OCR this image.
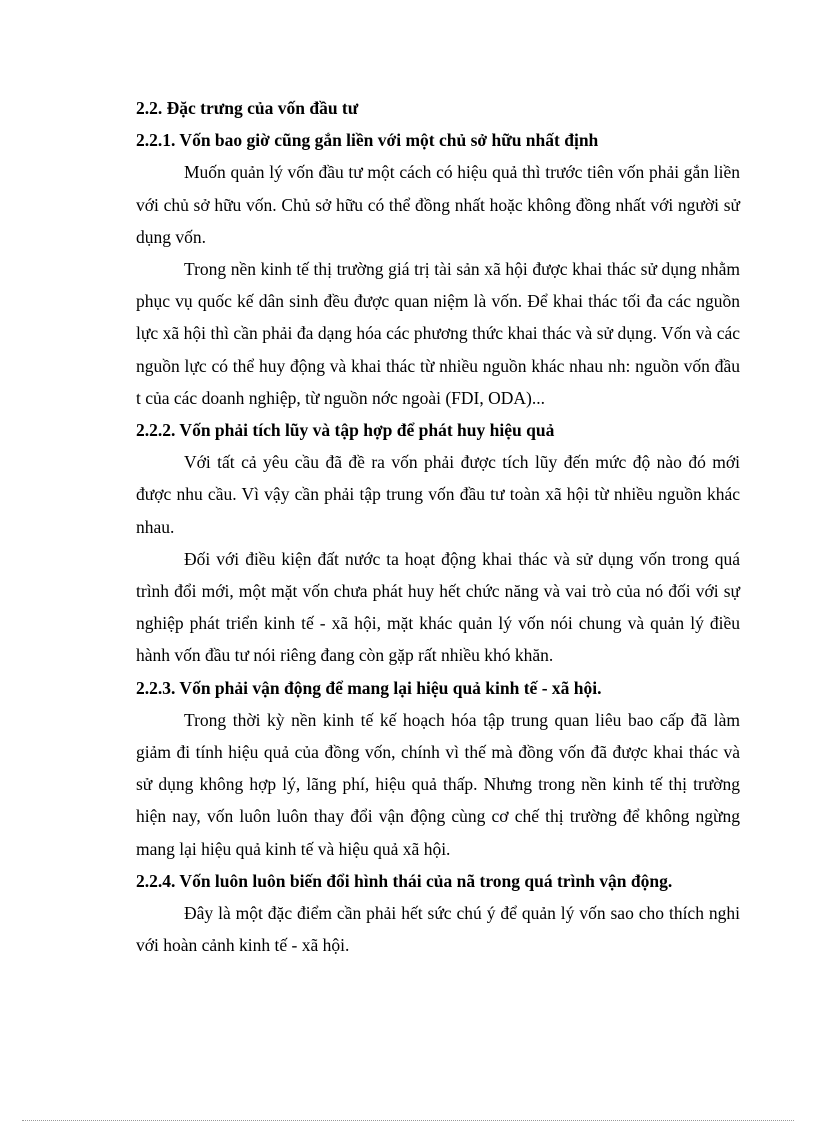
2.2. Đặc trưng của vốn đầu tư

2.2.1. Vốn bao giờ cũng gắn liền với một chủ sở hữu nhất định

Muốn quản lý vốn đầu tư một cách có hiệu quả thì trước tiên vốn phải gắn liền với chủ sở hữu vốn. Chủ sở hữu có thể đồng nhất hoặc không đồng nhất với người sử dụng vốn.

Trong nền kinh tế thị trường giá trị tài sản xã hội được khai thác sử dụng nhằm phục vụ quốc kế dân sinh đều được quan niệm là vốn. Để khai thác tối đa các nguồn lực xã hội thì cần phải đa dạng hóa các phương thức khai thác và sử dụng. Vốn và các nguồn lực có thể huy động và khai thác từ nhiều nguồn khác nhau nh: nguồn vốn đầu t của các doanh nghiệp, từ nguồn nớc ngoài (FDI, ODA)...

2.2.2. Vốn phải tích lũy và tập hợp để phát huy hiệu quả

Với tất cả yêu cầu đã đề ra vốn phải được tích lũy đến mức độ nào đó mới được nhu cầu. Vì vậy cần phải tập trung vốn đầu tư toàn xã hội từ nhiều nguồn khác nhau.

Đối với điều kiện đất nước ta hoạt động khai thác và sử dụng vốn trong quá trình đổi mới, một mặt vốn chưa phát huy hết chức năng và vai trò của nó đối với sự nghiệp phát triển kinh tế - xã hội, mặt khác quản lý vốn nói chung và quản lý điều hành vốn đầu tư nói riêng đang còn gặp rất nhiều khó khăn.

2.2.3. Vốn phải vận động để mang lại hiệu quả kinh tế - xã hội.

Trong thời kỳ nền kinh tế kế hoạch hóa tập trung quan liêu bao cấp đã làm giảm đi tính hiệu quả của đồng vốn, chính vì thế mà đồng vốn đã được khai thác và sử dụng không hợp lý, lãng phí, hiệu quả thấp. Nhưng trong nền kinh tế thị trường hiện nay, vốn luôn luôn thay đổi vận động cùng cơ chế thị trường để không ngừng mang lại hiệu quả kinh tế và hiệu quả xã hội.

2.2.4. Vốn luôn luôn biến đổi hình thái của nã trong quá trình vận động.

Đây là một đặc điểm cần phải hết sức chú ý để quản lý vốn sao cho thích nghi với hoàn cảnh kinh tế - xã hội.
